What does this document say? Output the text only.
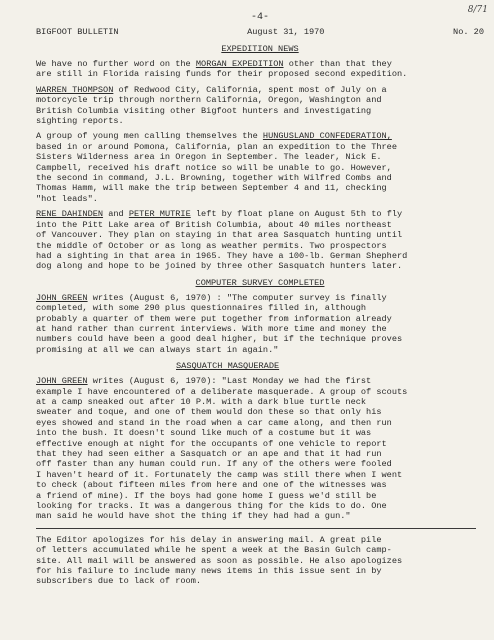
8/71
-4-
BIGFOOT BULLETIN	August 31, 1970	No. 20
EXPEDITION NEWS
We have no further word on the MORGAN EXPEDITION other than that they
are still in Florida raising funds for their proposed second expedition.
WARREN THOMPSON of Redwood City, California, spent most of July on a
motorcycle trip through northern California, Oregon, Washington and
British Columbia visiting other Bigfoot hunters and investigating
sighting reports.
A group of young men calling themselves the HUNGUSLAND CONFEDERATION,
based in or around Pomona, California, plan an expedition to the Three
Sisters Wilderness area in Oregon in September. The leader, Nick E.
Campbell, received his draft notice so will be unable to go. However,
the second in command, J.L. Browning, together with Wilfred Combs and
Thomas Hamm, will make the trip between September 4 and 11, checking
"hot leads".
RENE DAHINDEN and PETER MUTRIE left by float plane on August 5th to fly
into the Pitt Lake area of British Columbia, about 40 miles northeast
of Vancouver. They plan on staying in that area Sasquatch hunting until
the middle of October or as long as weather permits. Two prospectors
had a sighting in that area in 1965. They have a 100-lb. German Shepherd
dog along and hope to be joined by three other Sasquatch hunters later.
COMPUTER SURVEY COMPLETED
JOHN GREEN writes (August 6, 1970) : "The computer survey is finally
completed, with some 290 plus questionnaires filled in, although
probably a quarter of them were put together from information already
at hand rather than current interviews. With more time and money the
numbers could have been a good deal higher, but if the technique proves
promising at all we can always start in again."
SASQUATCH MASQUERADE
JOHN GREEN writes (August 6, 1970): "Last Monday we had the first
example I have encountered of a deliberate masquerade. A group of scouts
at a camp sneaked out after 10 P.M. with a dark blue turtle neck
sweater and toque, and one of them would don these so that only his
eyes showed and stand in the road when a car came along, and then run
into the bush. It doesn't sound like much of a costume but it was
effective enough at night for the occupants of one vehicle to report
that they had seen either a Sasquatch or an ape and that it had run
off faster than any human could run. If any of the others were fooled
I haven't heard of it. Fortunately the camp was still there when I went
to check (about fifteen miles from here and one of the witnesses was
a friend of mine). If the boys had gone home I guess we'd still be
looking for tracks. It was a dangerous thing for the kids to do. One
man said he would have shot the thing if they had had a gun."
The Editor apologizes for his delay in answering mail. A great pile
of letters accumulated while he spent a week at the Basin Gulch camp-
site. All mail will be answered as soon as possible. He also apologizes
for his failure to include many news items in this issue sent in by
subscribers due to lack of room.
